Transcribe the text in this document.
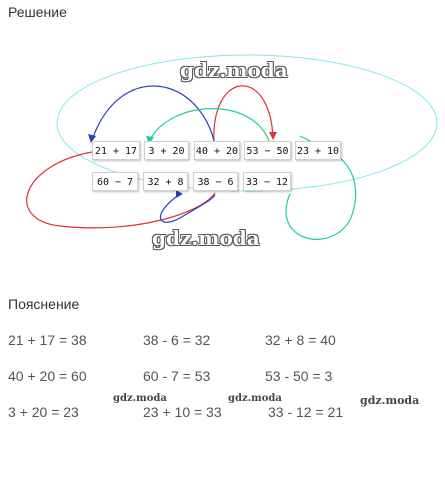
Решение
21 + 17	3 + 20	40 + 20 53 − 50 23 + 10
60 − 7	32 + 8	38 − 6	33 − 12
gdz.moda
gdz.moda
Пояснение
21 + 17 = 38	38 - 6 = 32	32 + 8 = 40
40 + 20 = 60	60 - 7 = 53	53 - 50 = 3
3 + 20 = 23	23 + 10 = 33	33 - 12 = 21
gdz.moda	gdz.moda	gdz.moda
